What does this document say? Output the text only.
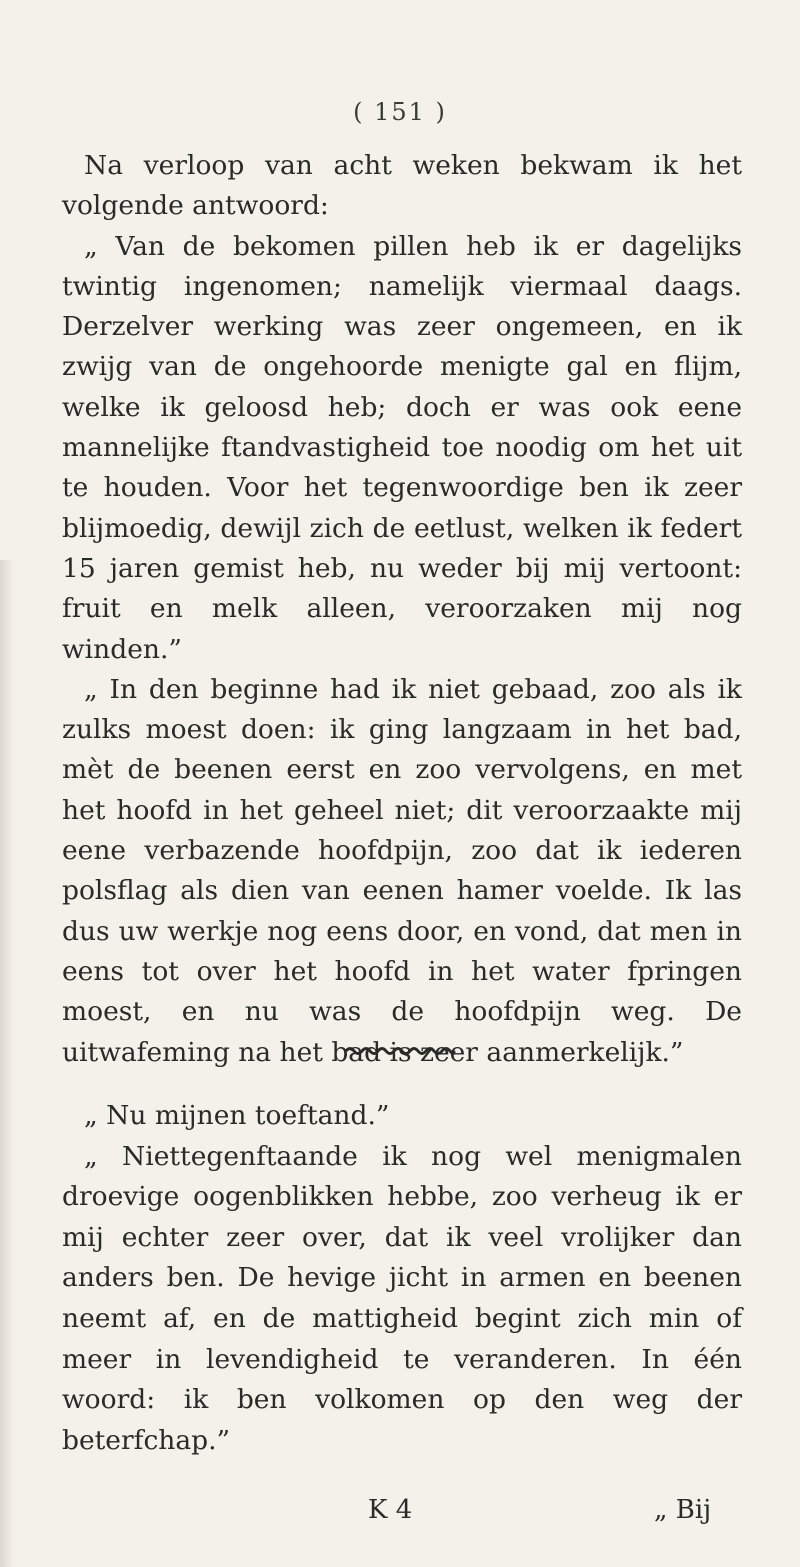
( 151 )

Na verloop van acht weken bekwam ik het volgende antwoord:

„ Van de bekomen pillen heb ik er dagelijks twintig ingenomen; namelijk viermaal daags. Derzelver werking was zeer ongemeen, en ik zwijg van de ongehoorde menigte gal en flijm, welke ik geloosd heb; doch er was ook eene mannelijke ftandvastigheid toe noodig om het uit te houden. Voor het tegenwoordige ben ik zeer blijmoedig, dewijl zich de eetlust, welken ik federt 15 jaren gemist heb, nu weder bij mij vertoont: fruit en melk alleen, veroorzaken mij nog winden.”

„ In den beginne had ik niet gebaad, zoo als ik zulks moest doen: ik ging langzaam in het bad, mèt de beenen eerst en zoo vervolgens, en met het hoofd in het geheel niet; dit veroorzaakte mij eene verbazende hoofdpijn, zoo dat ik iederen polsflag als dien van eenen hamer voelde. Ik las dus uw werkje nog eens door, en vond, dat men in eens tot over het hoofd in het water fpringen moest, en nu was de hoofdpijn weg. De uitwafeming na het bad is zeer aanmerkelijk.”

„ Nu mijnen toeftand.”

„ Niettegenftaande ik nog wel menigmalen droevige oogenblikken hebbe, zoo verheug ik er mij echter zeer over, dat ik veel vrolijker dan anders ben. De hevige jicht in armen en beenen neemt af, en de mattigheid begint zich min of meer in levendigheid te veranderen. In één woord: ik ben volkomen op den weg der beterfchap.”

K 4	„ Bij
